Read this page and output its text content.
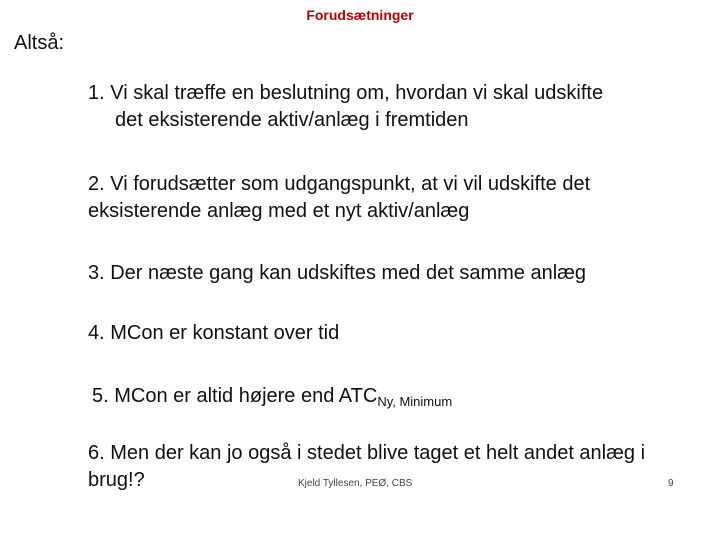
Forudsætninger
Altså:
1. Vi skal træffe en beslutning om, hvordan vi skal udskifte
det eksisterende aktiv/anlæg i fremtiden
2. Vi forudsætter som udgangspunkt, at vi vil udskifte det
eksisterende anlæg med et nyt aktiv/anlæg
3. Der næste gang kan udskiftes med det samme anlæg
4. MCon er konstant over tid
5. MCon er altid højere end $ATC_{Ny, Minimum}$
6. Men der kan jo også i stedet blive taget et helt andet anlæg i
brug!?	Kjeld Tyllesen, PEØ, CBS	9
